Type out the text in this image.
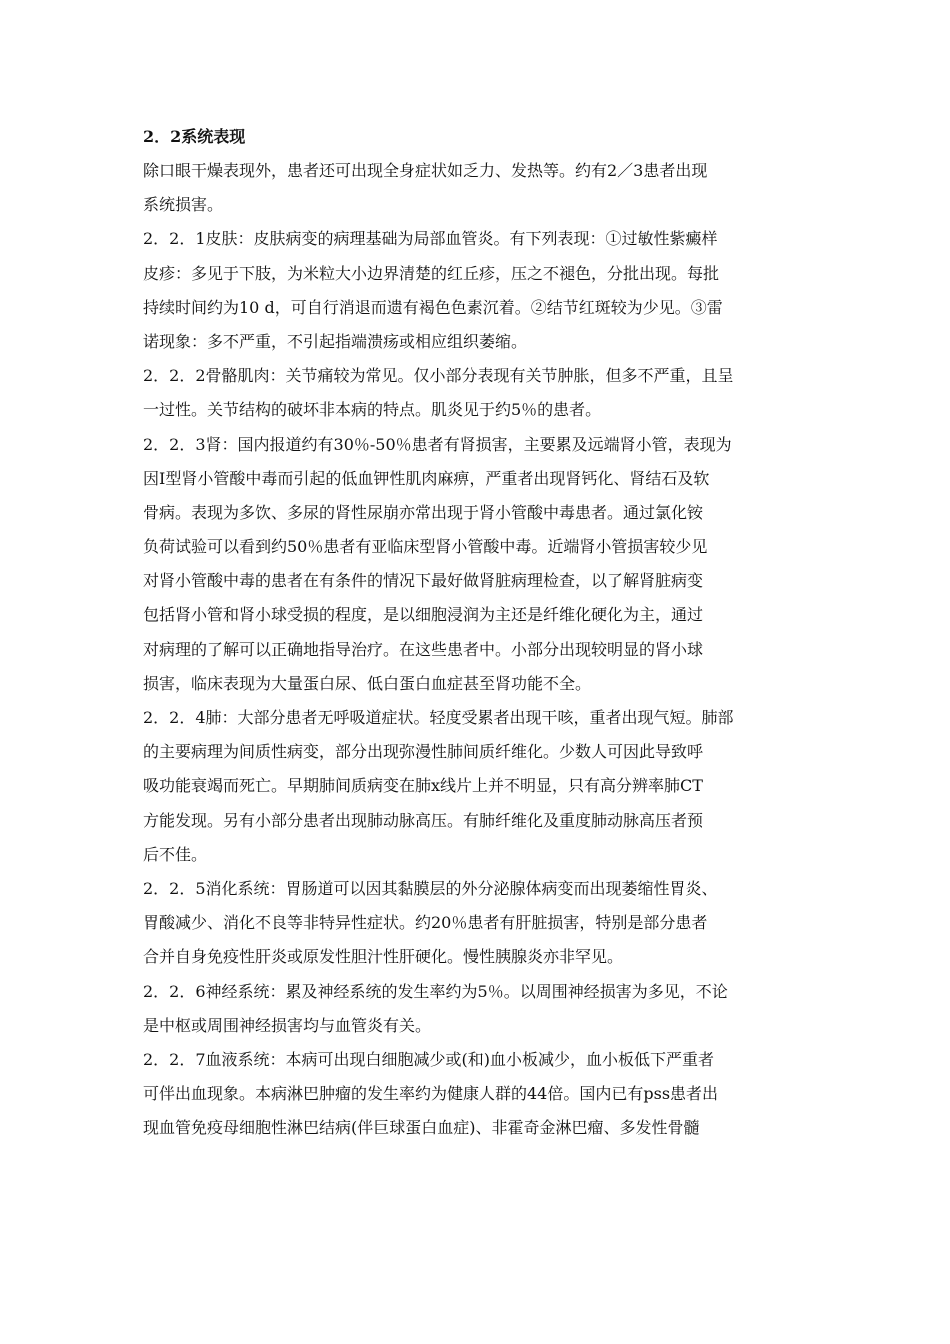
2．2系统表现
除口眼干燥表现外，患者还可出现全身症状如乏力、发热等。约有2／3患者出现
系统损害。
2．2．1皮肤：皮肤病变的病理基础为局部血管炎。有下列表现：①过敏性紫癜样
皮疹：多见于下肢，为米粒大小边界清楚的红丘疹，压之不褪色，分批出现。每批
持续时间约为10 d，可自行消退而遗有褐色色素沉着。②结节红斑较为少见。③雷
诺现象：多不严重，不引起指端溃疡或相应组织萎缩。
2．2．2骨骼肌肉：关节痛较为常见。仅小部分表现有关节肿胀，但多不严重，且呈
一过性。关节结构的破坏非本病的特点。肌炎见于约5％的患者。
2．2．3肾：国内报道约有30％-50％患者有肾损害，主要累及远端肾小管，表现为
因I型肾小管酸中毒而引起的低血钾性肌肉麻痹，严重者出现肾钙化、肾结石及软
骨病。表现为多饮、多尿的肾性尿崩亦常出现于肾小管酸中毒患者。通过氯化铵
负荷试验可以看到约50％患者有亚临床型肾小管酸中毒。近端肾小管损害较少见
对肾小管酸中毒的患者在有条件的情况下最好做肾脏病理检查，以了解肾脏病变
包括肾小管和肾小球受损的程度，是以细胞浸润为主还是纤维化硬化为主，通过
对病理的了解可以正确地指导治疗。在这些患者中。小部分出现较明显的肾小球
损害，临床表现为大量蛋白尿、低白蛋白血症甚至肾功能不全。
2．2．4肺：大部分患者无呼吸道症状。轻度受累者出现干咳，重者出现气短。肺部
的主要病理为间质性病变，部分出现弥漫性肺间质纤维化。少数人可因此导致呼
吸功能衰竭而死亡。早期肺间质病变在肺x线片上并不明显，只有高分辨率肺CT
方能发现。另有小部分患者出现肺动脉高压。有肺纤维化及重度肺动脉高压者预
后不佳。
2．2．5消化系统：胃肠道可以因其黏膜层的外分泌腺体病变而出现萎缩性胃炎、
胃酸减少、消化不良等非特异性症状。约20％患者有肝脏损害，特别是部分患者
合并自身免疫性肝炎或原发性胆汁性肝硬化。慢性胰腺炎亦非罕见。
2．2．6神经系统：累及神经系统的发生率约为5％。以周围神经损害为多见，不论
是中枢或周围神经损害均与血管炎有关。
2．2．7血液系统：本病可出现白细胞减少或(和)血小板减少，血小板低下严重者
可伴出血现象。本病淋巴肿瘤的发生率约为健康人群的44倍。国内已有pss患者出
现血管免疫母细胞性淋巴结病(伴巨球蛋白血症)、非霍奇金淋巴瘤、多发性骨髓
